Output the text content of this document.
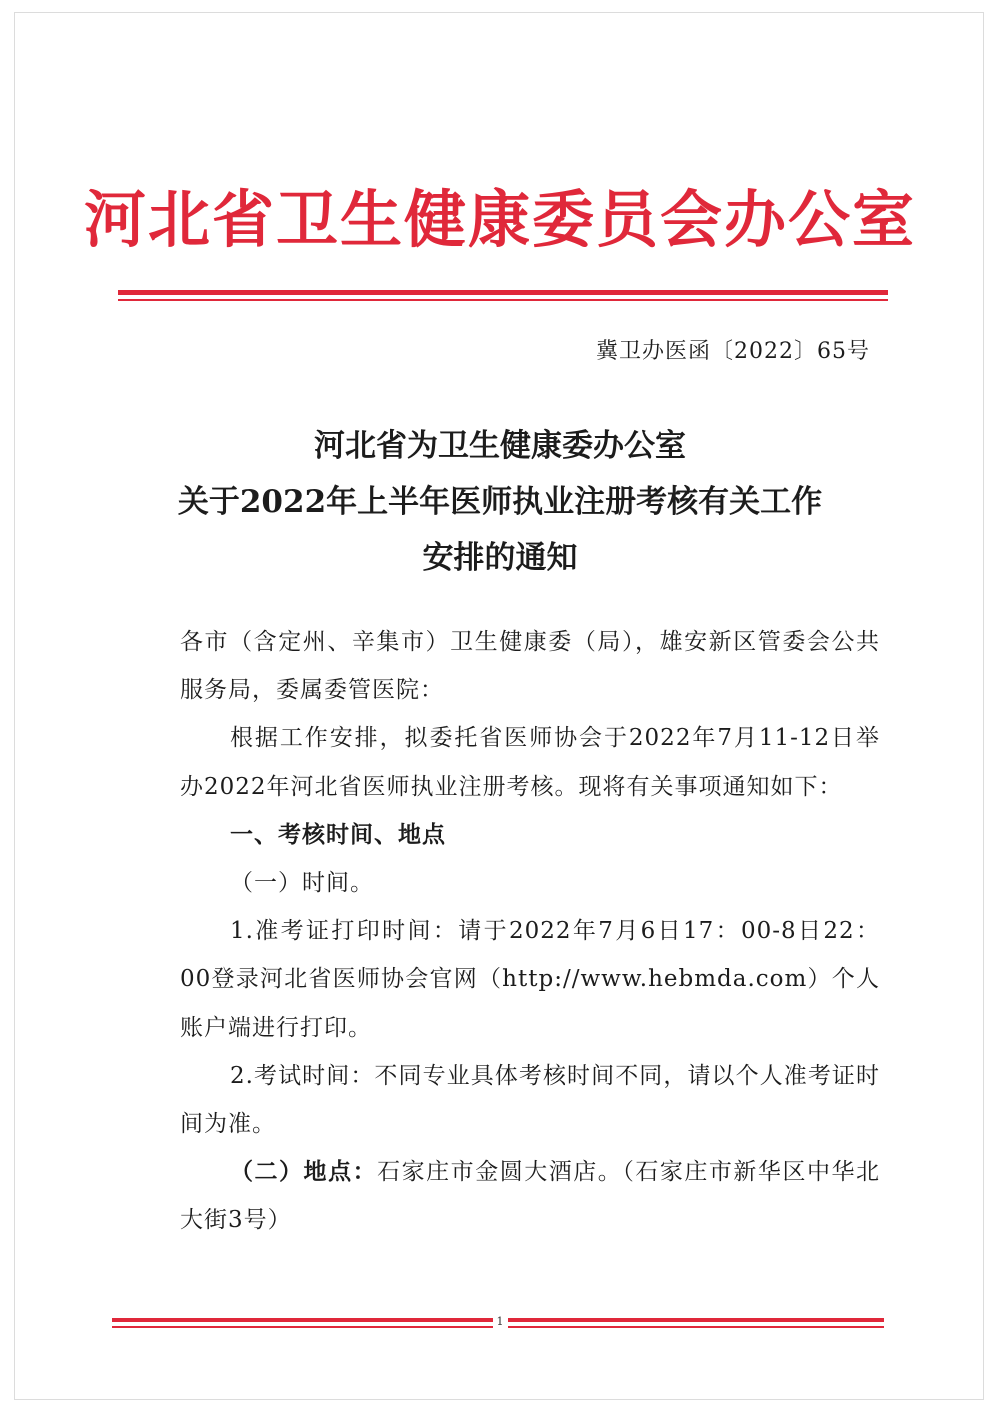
河北省卫生健康委员会办公室
冀卫办医函〔2022〕65号
河北省为卫生健康委办公室
关于2022年上半年医师执业注册考核有关工作
安排的通知

各市（含定州、辛集市）卫生健康委（局），雄安新区管委会公共服务局，委属委管医院：

根据工作安排，拟委托省医师协会于2022年7月11-12日举办2022年河北省医师执业注册考核。现将有关事项通知如下：

一、考核时间、地点

（一）时间。

1.准考证打印时间：请于2022年7月6日17：00-8日22：00登录河北省医师协会官网（http://www.hebmda.com）个人账户端进行打印。

2.考试时间：不同专业具体考核时间不同，请以个人准考证时间为准。

（二）地点：石家庄市金圆大酒店。（石家庄市新华区中华北大街3号）

1
